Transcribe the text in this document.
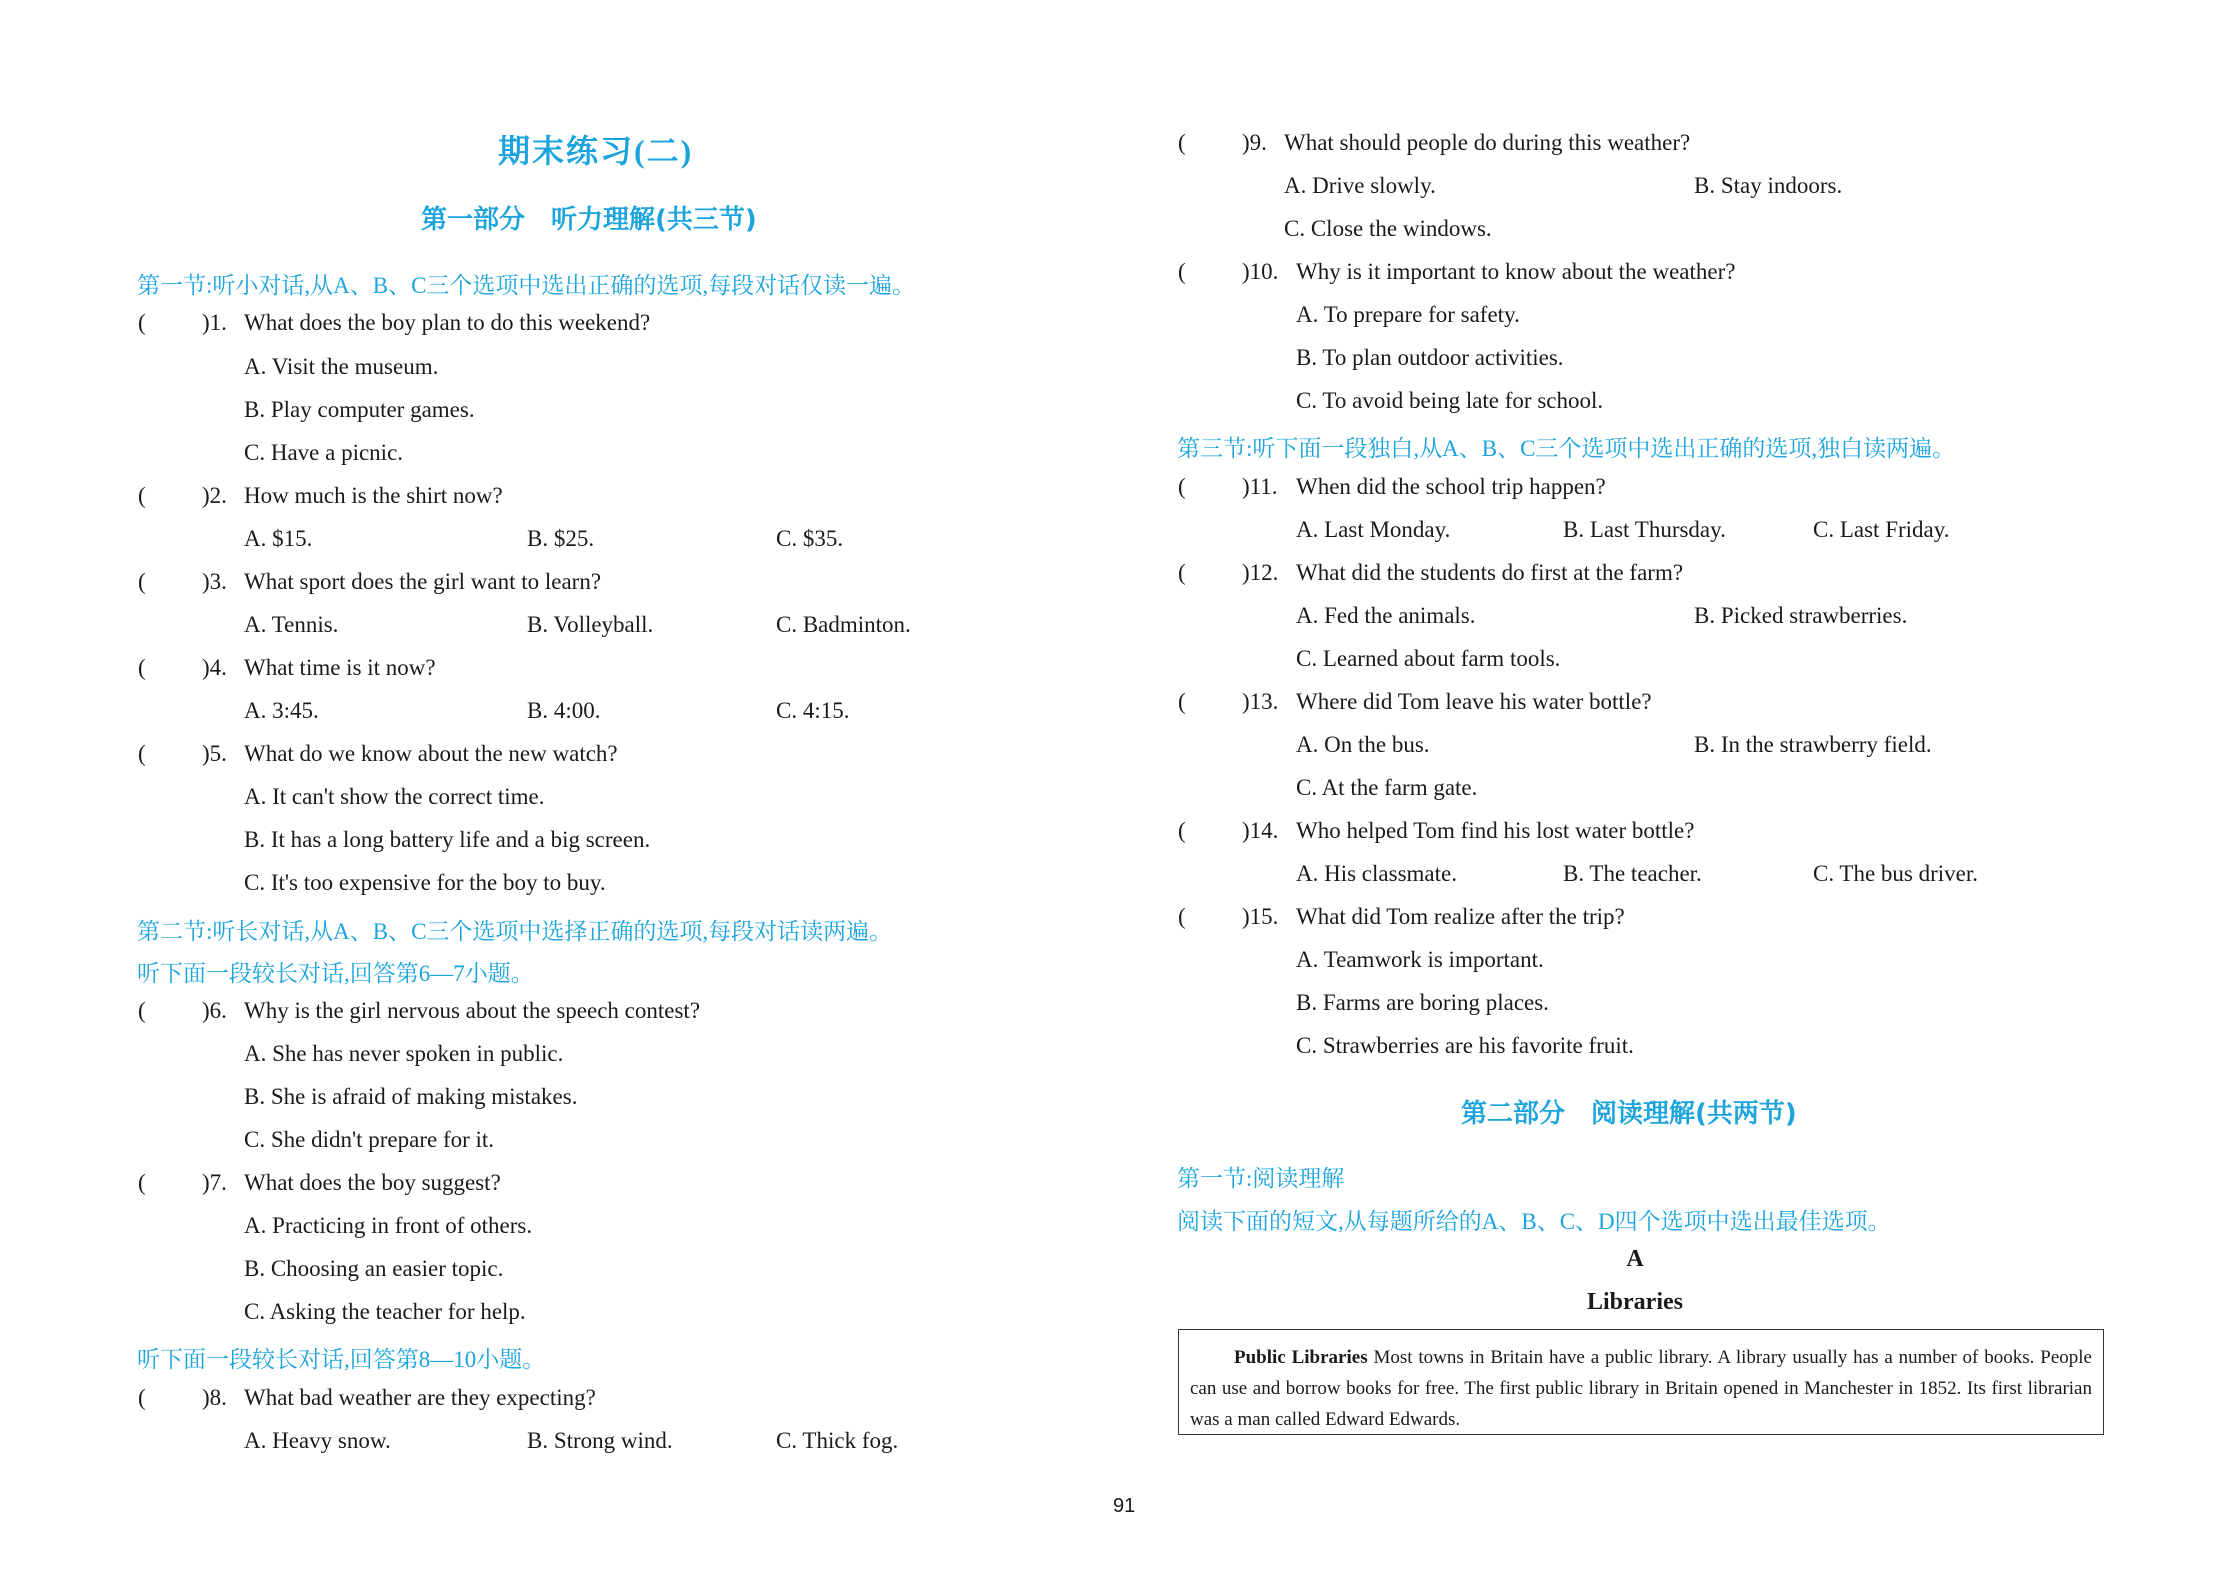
期末练习(二)
第一部分　听力理解(共三节)
第一节:听小对话,从A、B、C三个选项中选出正确的选项,每段对话仅读一遍。
( )1. What does the boy plan to do this weekend?
A. Visit the museum.
B. Play computer games.
C. Have a picnic.
( )2. How much is the shirt now?
A. $15.	B. $25.	C. $35.
( )3. What sport does the girl want to learn?
A. Tennis.	B. Volleyball.	C. Badminton.
( )4. What time is it now?
A. 3:45.	B. 4:00.	C. 4:15.
( )5. What do we know about the new watch?
A. It can't show the correct time.
B. It has a long battery life and a big screen.
C. It's too expensive for the boy to buy.
第二节:听长对话,从A、B、C三个选项中选择正确的选项,每段对话读两遍。
听下面一段较长对话,回答第6—7小题。
( )6. Why is the girl nervous about the speech contest?
A. She has never spoken in public.
B. She is afraid of making mistakes.
C. She didn't prepare for it.
( )7. What does the boy suggest?
A. Practicing in front of others.
B. Choosing an easier topic.
C. Asking the teacher for help.
听下面一段较长对话,回答第8—10小题。
( )8. What bad weather are they expecting?
A. Heavy snow.	B. Strong wind.	C. Thick fog.
( )9. What should people do during this weather?
A. Drive slowly.	B. Stay indoors.
C. Close the windows.
( )10. Why is it important to know about the weather?
A. To prepare for safety.
B. To plan outdoor activities.
C. To avoid being late for school.
第三节:听下面一段独白,从A、B、C三个选项中选出正确的选项,独白读两遍。
( )11. When did the school trip happen?
A. Last Monday.	B. Last Thursday.	C. Last Friday.
( )12. What did the students do first at the farm?
A. Fed the animals.	B. Picked strawberries.
C. Learned about farm tools.
( )13. Where did Tom leave his water bottle?
A. On the bus.	B. In the strawberry field.
C. At the farm gate.
( )14. Who helped Tom find his lost water bottle?
A. His classmate.	B. The teacher.	C. The bus driver.
( )15. What did Tom realize after the trip?
A. Teamwork is important.
B. Farms are boring places.
C. Strawberries are his favorite fruit.
第二部分　阅读理解(共两节)
第一节:阅读理解
阅读下面的短文,从每题所给的A、B、C、D四个选项中选出最佳选项。
A
Libraries
Public Libraries Most towns in Britain have a public library. A library usually has a number of books. People can use and borrow books for free. The first public library in Britain opened in Manchester in 1852. Its first librarian was a man called Edward Edwards.
91
